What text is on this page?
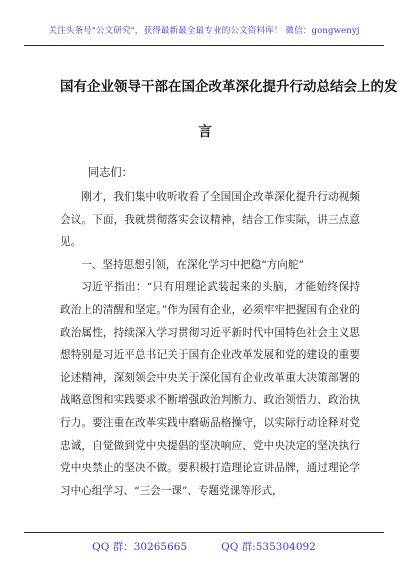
关注头条号"公文研究"，获得最新最全最专业的公文资料库！ 微信：gongwenyj
国有企业领导干部在国企改革深化提升行动总结会上的发
言
同志们：

刚才，我们集中收听收看了全国国企改革深化提升行动视频会议。下面，我就贯彻落实会议精神，结合工作实际，讲三点意见。

一、坚持思想引领，在深化学习中把稳“方向舵”

习近平指出：“只有用理论武装起来的头脑，才能始终保持政治上的清醒和坚定。”作为国有企业，必须牢牢把握国有企业的政治属性，持续深入学习贯彻习近平新时代中国特色社会主义思想特别是习近平总书记关于国有企业改革发展和党的建设的重要论述精神，深刻领会中央关于深化国有企业改革重大决策部署的战略意图和实践要求不断增强政治判断力、政治领悟力、政治执行力。要注重在改革实践中磨砺品格操守，以实际行动诠释对党忠诚，自觉做到党中央提倡的坚决响应、党中央决定的坚决执行党中央禁止的坚决不做。要积极打造理论宣讲品牌，通过理论学习中心组学习、“三会一课”、专题党课等形式，

QQ 群：30265665	QQ 群:535304092
